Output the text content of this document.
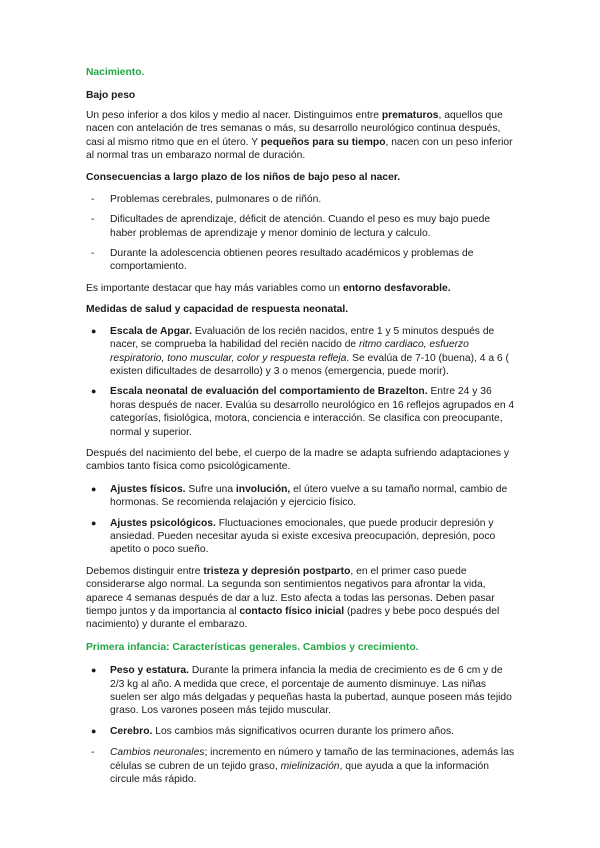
Nacimiento.

Bajo peso

Un peso inferior a dos kilos y medio al nacer. Distinguimos entre prematuros, aquellos que nacen con antelación de tres semanas o más, su desarrollo neurológico continua después, casi al mismo ritmo que en el útero. Y pequeños para su tiempo, nacen con un peso inferior al normal tras un embarazo normal de duración.

Consecuencias a largo plazo de los niños de bajo peso al nacer.

- Problemas cerebrales, pulmonares o de riñón.
- Dificultades de aprendizaje, déficit de atención. Cuando el peso es muy bajo puede haber problemas de aprendizaje y menor dominio de lectura y calculo.
- Durante la adolescencia obtienen peores resultado académicos y problemas de comportamiento.

Es importante destacar que hay más variables como un entorno desfavorable.

Medidas de salud y capacidad de respuesta neonatal.

● Escala de Apgar. Evaluación de los recién nacidos, entre 1 y 5 minutos después de nacer, se comprueba la habilidad del recién nacido de ritmo cardiaco, esfuerzo respiratorio, tono muscular, color y respuesta refleja. Se evalúa de 7-10 (buena), 4 a 6 ( existen dificultades de desarrollo) y 3 o menos (emergencia, puede morir).
● Escala neonatal de evaluación del comportamiento de Brazelton. Entre 24 y 36 horas después de nacer. Evalúa su desarrollo neurológico en 16 reflejos agrupados en 4 categorías, fisiológica, motora, conciencia e interacción. Se clasifica con preocupante, normal y superior.

Después del nacimiento del bebe, el cuerpo de la madre se adapta sufriendo adaptaciones y cambios tanto física como psicológicamente.

● Ajustes físicos. Sufre una involución, el útero vuelve a su tamaño normal, cambio de hormonas. Se recomienda relajación y ejercicio físico.
● Ajustes psicológicos. Fluctuaciones emocionales, que puede producir depresión y ansiedad. Pueden necesitar ayuda si existe excesiva preocupación, depresión, poco apetito o poco sueño.

Debemos distinguir entre tristeza y depresión postparto, en el primer caso puede considerarse algo normal. La segunda son sentimientos negativos para afrontar la vida, aparece 4 semanas después de dar a luz. Esto afecta a todas las personas. Deben pasar tiempo juntos y da importancia al contacto físico inicial (padres y bebe poco después del nacimiento) y durante el embarazo.

Primera infancia: Características generales. Cambios y crecimiento.

● Peso y estatura. Durante la primera infancia la media de crecimiento es de 6 cm y de 2/3 kg al año. A medida que crece, el porcentaje de aumento disminuye. Las niñas suelen ser algo más delgadas y pequeñas hasta la pubertad, aunque poseen más tejido graso. Los varones poseen más tejido muscular.
● Cerebro. Los cambios más significativos ocurren durante los primero años.
- Cambios neuronales; incremento en número y tamaño de las terminaciones, además las células se cubren de un tejido graso, mielinización, que ayuda a que la información circule más rápido.
